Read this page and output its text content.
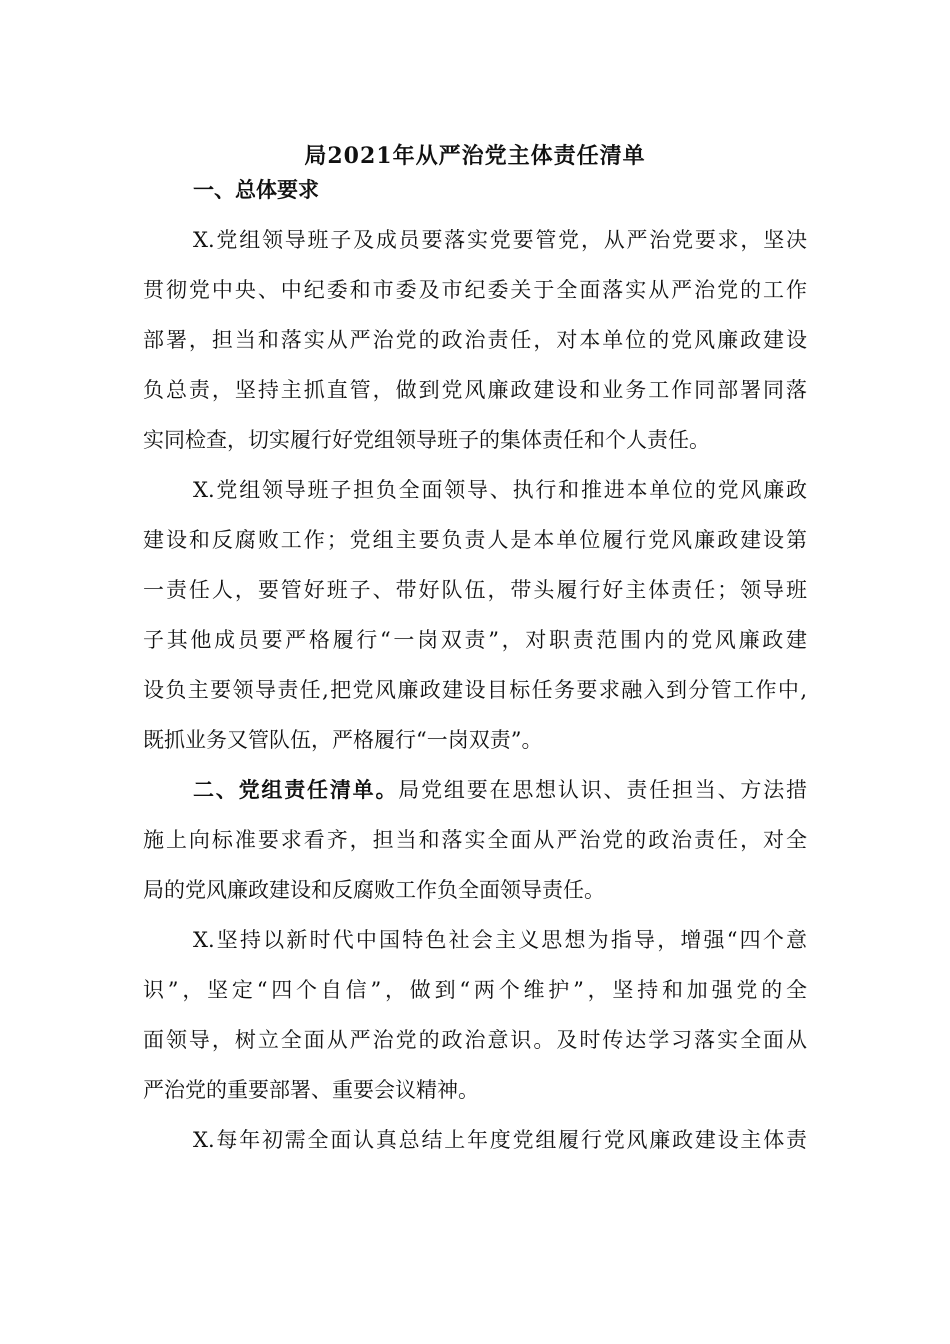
局2021年从严治党主体责任清单
一、总体要求
X.党组领导班子及成员要落实党要管党，从严治党要求，坚决
贯彻党中央、中纪委和市委及市纪委关于全面落实从严治党的工作
部署，担当和落实从严治党的政治责任，对本单位的党风廉政建设
负总责，坚持主抓直管，做到党风廉政建设和业务工作同部署同落
实同检查，切实履行好党组领导班子的集体责任和个人责任。
X.党组领导班子担负全面领导、执行和推进本单位的党风廉政
建设和反腐败工作；党组主要负责人是本单位履行党风廉政建设第
一责任人，要管好班子、带好队伍，带头履行好主体责任；领导班
子其他成员要严格履行“一岗双责”，对职责范围内的党风廉政建
设负主要领导责任,把党风廉政建设目标任务要求融入到分管工作中,
既抓业务又管队伍，严格履行“一岗双责”。
二、党组责任清单。局党组要在思想认识、责任担当、方法措
施上向标准要求看齐，担当和落实全面从严治党的政治责任，对全
局的党风廉政建设和反腐败工作负全面领导责任。
X.坚持以新时代中国特色社会主义思想为指导，增强“四个意
识”，坚定“四个自信”，做到“两个维护”，坚持和加强党的全
面领导，树立全面从严治党的政治意识。及时传达学习落实全面从
严治党的重要部署、重要会议精神。
X.每年初需全面认真总结上年度党组履行党风廉政建设主体责
